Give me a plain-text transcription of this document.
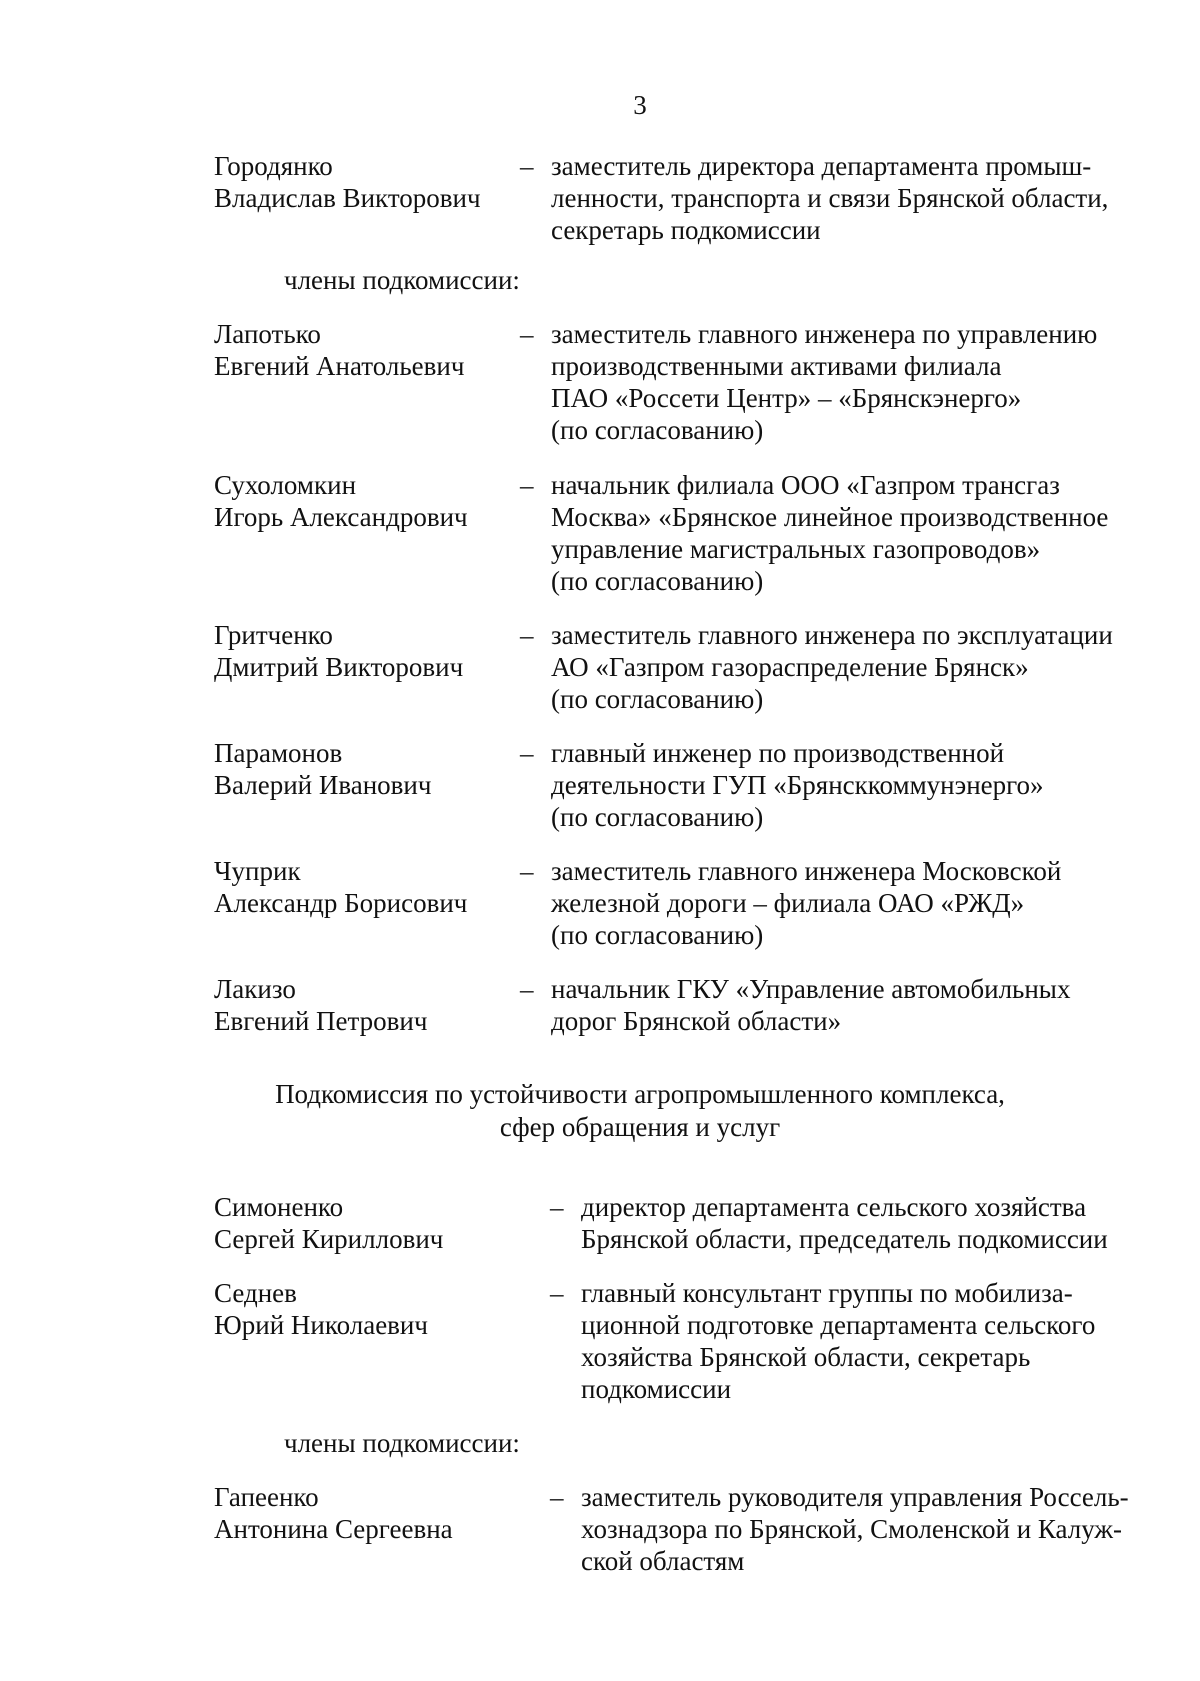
3
Городянко
Владислав Викторович
– заместитель директора департамента промыш-
ленности, транспорта и связи Брянской области,
секретарь подкомиссии
члены подкомиссии:
Лапотько
Евгений Анатольевич
– заместитель главного инженера по управлению
производственными активами филиала
ПАО «Россети Центр» – «Брянскэнерго»
(по согласованию)
Сухоломкин
Игорь Александрович
– начальник филиала ООО «Газпром трансгаз
Москва» «Брянское линейное производственное
управление магистральных газопроводов»
(по согласованию)
Гритченко
Дмитрий Викторович
– заместитель главного инженера по эксплуатации
АО «Газпром газораспределение Брянск»
(по согласованию)
Парамонов
Валерий Иванович
– главный инженер по производственной
деятельности ГУП «Брянсккоммунэнерго»
(по согласованию)
Чуприк
Александр Борисович
– заместитель главного инженера Московской
железной дороги – филиала ОАО «РЖД»
(по согласованию)
Лакизо
Евгений Петрович
– начальник ГКУ «Управление автомобильных
дорог Брянской области»
Подкомиссия по устойчивости агропромышленного комплекса,
сфер обращения и услуг
Симоненко
Сергей Кириллович
– директор департамента сельского хозяйства
Брянской области, председатель подкомиссии
Седнев
Юрий Николаевич
– главный консультант группы по мобилиза-
ционной подготовке департамента сельского
хозяйства Брянской области, секретарь
подкомиссии
члены подкомиссии:
Гапеенко
Антонина Сергеевна
– заместитель руководителя управления Россель-
хознадзора по Брянской, Смоленской и Калуж-
ской областям
